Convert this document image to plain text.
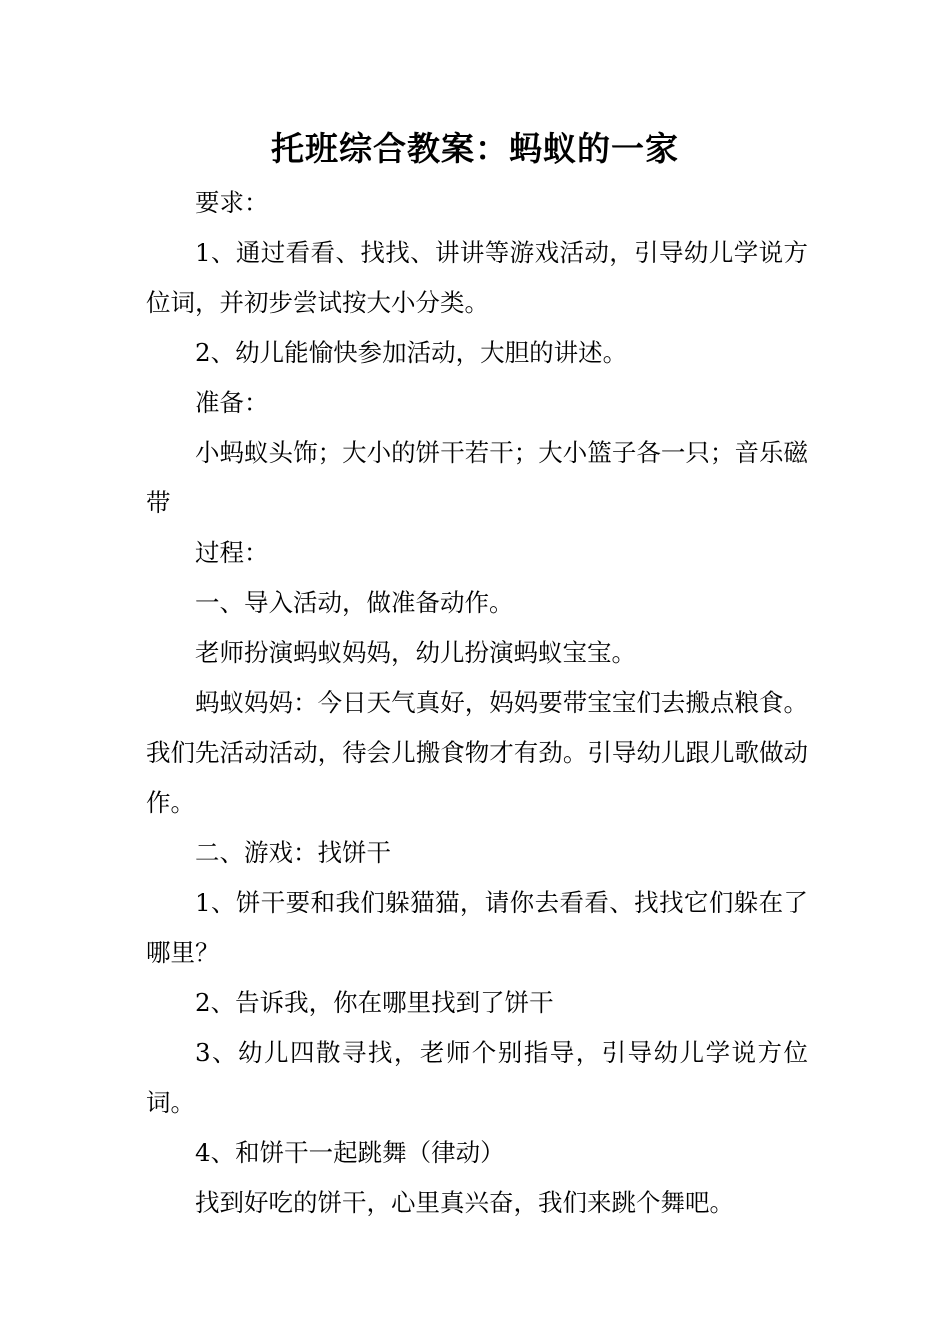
托班综合教案：蚂蚁的一家

要求：

1、通过看看、找找、讲讲等游戏活动，引导幼儿学说方位词，并初步尝试按大小分类。

2、幼儿能愉快参加活动，大胆的讲述。

准备：

小蚂蚁头饰；大小的饼干若干；大小篮子各一只；音乐磁带

过程：

一、导入活动，做准备动作。

老师扮演蚂蚁妈妈，幼儿扮演蚂蚁宝宝。

蚂蚁妈妈：今日天气真好，妈妈要带宝宝们去搬点粮食。我们先活动活动，待会儿搬食物才有劲。引导幼儿跟儿歌做动作。

二、游戏：找饼干

1、饼干要和我们躲猫猫，请你去看看、找找它们躲在了哪里？

2、告诉我，你在哪里找到了饼干

3、幼儿四散寻找，老师个别指导，引导幼儿学说方位词。

4、和饼干一起跳舞（律动）

找到好吃的饼干，心里真兴奋，我们来跳个舞吧。
